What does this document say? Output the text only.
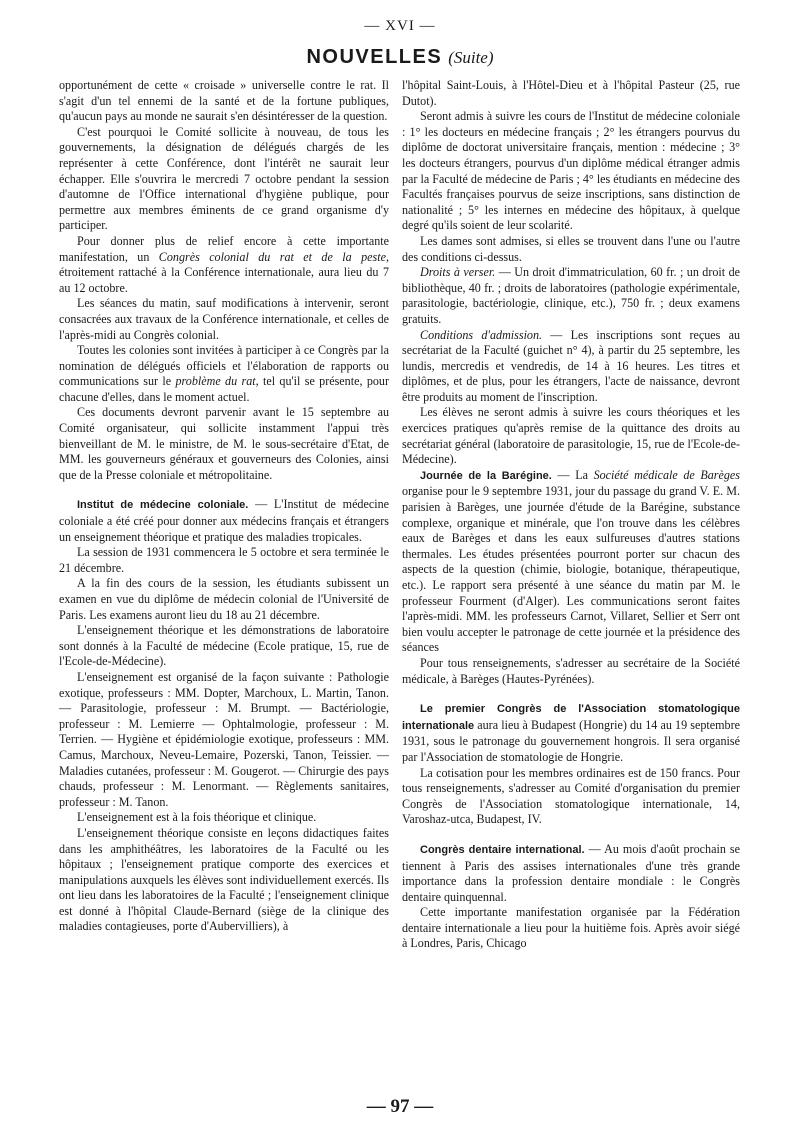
— XVI —
NOUVELLES (Suite)

opportunément de cette « croisade » universelle contre le rat. Il s'agit d'un tel ennemi de la santé et de la fortune publiques, qu'aucun pays au monde ne saurait s'en désintéresser de la question.

C'est pourquoi le Comité sollicite à nouveau, de tous les gouvernements, la désignation de délégués chargés de les représenter à cette Conférence, dont l'intérêt ne saurait leur échapper. Elle s'ouvrira le mercredi 7 octobre pendant la session d'automne de l'Office international d'hygiène publique, pour permettre aux membres éminents de ce grand organisme d'y participer.

Pour donner plus de relief encore à cette importante manifestation, un Congrès colonial du rat et de la peste, étroitement rattaché à la Conférence internationale, aura lieu du 7 au 12 octobre.

Les séances du matin, sauf modifications à intervenir, seront consacrées aux travaux de la Conférence internationale, et celles de l'après-midi au Congrès colonial.

Toutes les colonies sont invitées à participer à ce Congrès par la nomination de délégués officiels et l'élaboration de rapports ou communications sur le problème du rat, tel qu'il se présente, pour chacune d'elles, dans le moment actuel.

Ces documents devront parvenir avant le 15 septembre au Comité organisateur, qui sollicite instamment l'appui très bienveillant de M. le ministre, de M. le sous-secrétaire d'Etat, de MM. les gouverneurs généraux et gouverneurs des Colonies, ainsi que de la Presse coloniale et métropolitaine.

Institut de médecine coloniale. — L'Institut de médecine coloniale a été créé pour donner aux médecins français et étrangers un enseignement théorique et pratique des maladies tropicales.

La session de 1931 commencera le 5 octobre et sera terminée le 21 décembre.

A la fin des cours de la session, les étudiants subissent un examen en vue du diplôme de médecin colonial de l'Université de Paris. Les examens auront lieu du 18 au 21 décembre.

L'enseignement théorique et les démonstrations de laboratoire sont donnés à la Faculté de médecine (Ecole pratique, 15, rue de l'Ecole-de-Médecine).

L'enseignement est organisé de la façon suivante : Pathologie exotique, professeurs : MM. Dopter, Marchoux, L. Martin, Tanon. — Parasitologie, professeur : M. Brumpt. — Bactériologie, professeur : M. Lemierre — Ophtalmologie, professeur : M. Terrien. — Hygiène et épidémiologie exotique, professeurs : MM. Camus, Marchoux, Neveu-Lemaire, Pozerski, Tanon, Teissier. — Maladies cutanées, professeur : M. Gougerot. — Chirurgie des pays chauds, professeur : M. Lenormant. — Règlements sanitaires, professeur : M. Tanon.

L'enseignement est à la fois théorique et clinique.

L'enseignement théorique consiste en leçons didactiques faites dans les amphithéâtres, les laboratoires de la Faculté ou les hôpitaux ; l'enseignement pratique comporte des exercices et manipulations auxquels les élèves sont individuellement exercés. Ils ont lieu dans les laboratoires de la Faculté ; l'enseignement clinique est donné à l'hôpital Claude-Bernard (siège de la clinique des maladies contagieuses, porte d'Aubervilliers), à

l'hôpital Saint-Louis, à l'Hôtel-Dieu et à l'hôpital Pasteur (25, rue Dutot).

Seront admis à suivre les cours de l'Institut de médecine coloniale : 1° les docteurs en médecine français ; 2° les étrangers pourvus du diplôme de doctorat universitaire français, mention : médecine ; 3° les docteurs étrangers, pourvus d'un diplôme médical étranger admis par la Faculté de médecine de Paris ; 4° les étudiants en médecine des Facultés françaises pourvus de seize inscriptions, sans distinction de nationalité ; 5° les internes en médecine des hôpitaux, à quelque degré qu'ils soient de leur scolarité.

Les dames sont admises, si elles se trouvent dans l'une ou l'autre des conditions ci-dessus.

Droits à verser. — Un droit d'immatriculation, 60 fr. ; un droit de bibliothèque, 40 fr. ; droits de laboratoires (pathologie expérimentale, parasitologie, bactériologie, clinique, etc.), 750 fr. ; deux examens gratuits.

Conditions d'admission. — Les inscriptions sont reçues au secrétariat de la Faculté (guichet n° 4), à partir du 25 septembre, les lundis, mercredis et vendredis, de 14 à 16 heures. Les titres et diplômes, et de plus, pour les étrangers, l'acte de naissance, devront être produits au moment de l'inscription.

Les élèves ne seront admis à suivre les cours théoriques et les exercices pratiques qu'après remise de la quittance des droits au secrétariat général (laboratoire de parasitologie, 15, rue de l'Ecole-de-Médecine).

Journée de la Barégine. — La Société médicale de Barèges organise pour le 9 septembre 1931, jour du passage du grand V. E. M. parisien à Barèges, une journée d'étude de la Barégine, substance complexe, organique et minérale, que l'on trouve dans les célèbres eaux de Barèges et dans les eaux sulfureuses d'autres stations thermales. Les études présentées pourront porter sur chacun des aspects de la question (chimie, biologie, botanique, thérapeutique, etc.). Le rapport sera présenté à une séance du matin par M. le professeur Fourment (d'Alger). Les communications seront faites l'après-midi. MM. les professeurs Carnot, Villaret, Sellier et Serr ont bien voulu accepter le patronage de cette journée et la présidence des séances

Pour tous renseignements, s'adresser au secrétaire de la Société médicale, à Barèges (Hautes-Pyrénées).

Le premier Congrès de l'Association stomatologique internationale aura lieu à Budapest (Hongrie) du 14 au 19 septembre 1931, sous le patronage du gouvernement hongrois. Il sera organisé par l'Association de stomatologie de Hongrie.

La cotisation pour les membres ordinaires est de 150 francs. Pour tous renseignements, s'adresser au Comité d'organisation du premier Congrès de l'Association stomatologique internationale, 14, Varoshaz-utca, Budapest, IV.

Congrès dentaire international. — Au mois d'août prochain se tiennent à Paris des assises internationales d'une très grande importance dans la profession dentaire mondiale : le Congrès dentaire quinquennal.

Cette importante manifestation organisée par la Fédération dentaire internationale a lieu pour la huitième fois. Après avoir siégé à Londres, Paris, Chicago

— 97 —
